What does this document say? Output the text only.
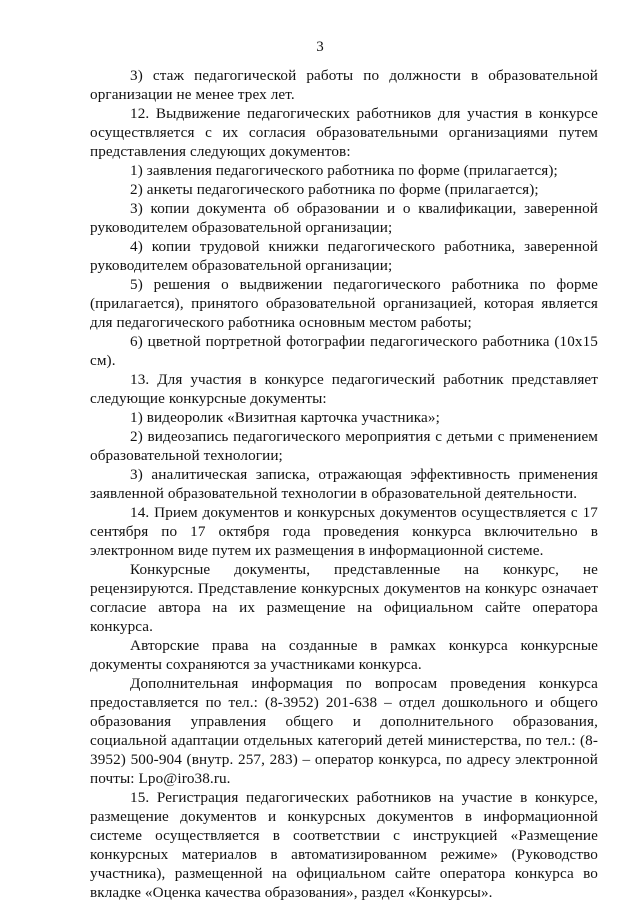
3

3) стаж педагогической работы по должности в образовательной организации не менее трех лет.

12. Выдвижение педагогических работников для участия в конкурсе осуществляется с их согласия образовательными организациями путем представления следующих документов:

1) заявления педагогического работника по форме (прилагается);

2) анкеты педагогического работника по форме (прилагается);

3) копии документа об образовании и о квалификации, заверенной руководителем образовательной организации;

4) копии трудовой книжки педагогического работника, заверенной руководителем образовательной организации;

5) решения о выдвижении педагогического работника по форме (прилагается), принятого образовательной организацией, которая является для педагогического работника основным местом работы;

6) цветной портретной фотографии педагогического работника (10x15 см).

13. Для участия в конкурсе педагогический работник представляет следующие конкурсные документы:

1) видеоролик «Визитная карточка участника»;

2) видеозапись педагогического мероприятия с детьми с применением образовательной технологии;

3) аналитическая записка, отражающая эффективность применения заявленной образовательной технологии в образовательной деятельности.

14. Прием документов и конкурсных документов осуществляется с 17 сентября по 17 октября года проведения конкурса включительно в электронном виде путем их размещения в информационной системе.

Конкурсные документы, представленные на конкурс, не рецензируются. Представление конкурсных документов на конкурс означает согласие автора на их размещение на официальном сайте оператора конкурса.

Авторские права на созданные в рамках конкурса конкурсные документы сохраняются за участниками конкурса.

Дополнительная информация по вопросам проведения конкурса предоставляется по тел.: (8-3952) 201-638 – отдел дошкольного и общего образования управления общего и дополнительного образования, социальной адаптации отдельных категорий детей министерства, по тел.: (8-3952) 500-904 (внутр. 257, 283) – оператор конкурса, по адресу электронной почты: Lpo@iro38.ru.

15. Регистрация педагогических работников на участие в конкурсе, размещение документов и конкурсных документов в информационной системе осуществляется в соответствии с инструкцией «Размещение конкурсных материалов в автоматизированном режиме» (Руководство участника), размещенной на официальном сайте оператора конкурса во вкладке «Оценка качества образования», раздел «Конкурсы».
